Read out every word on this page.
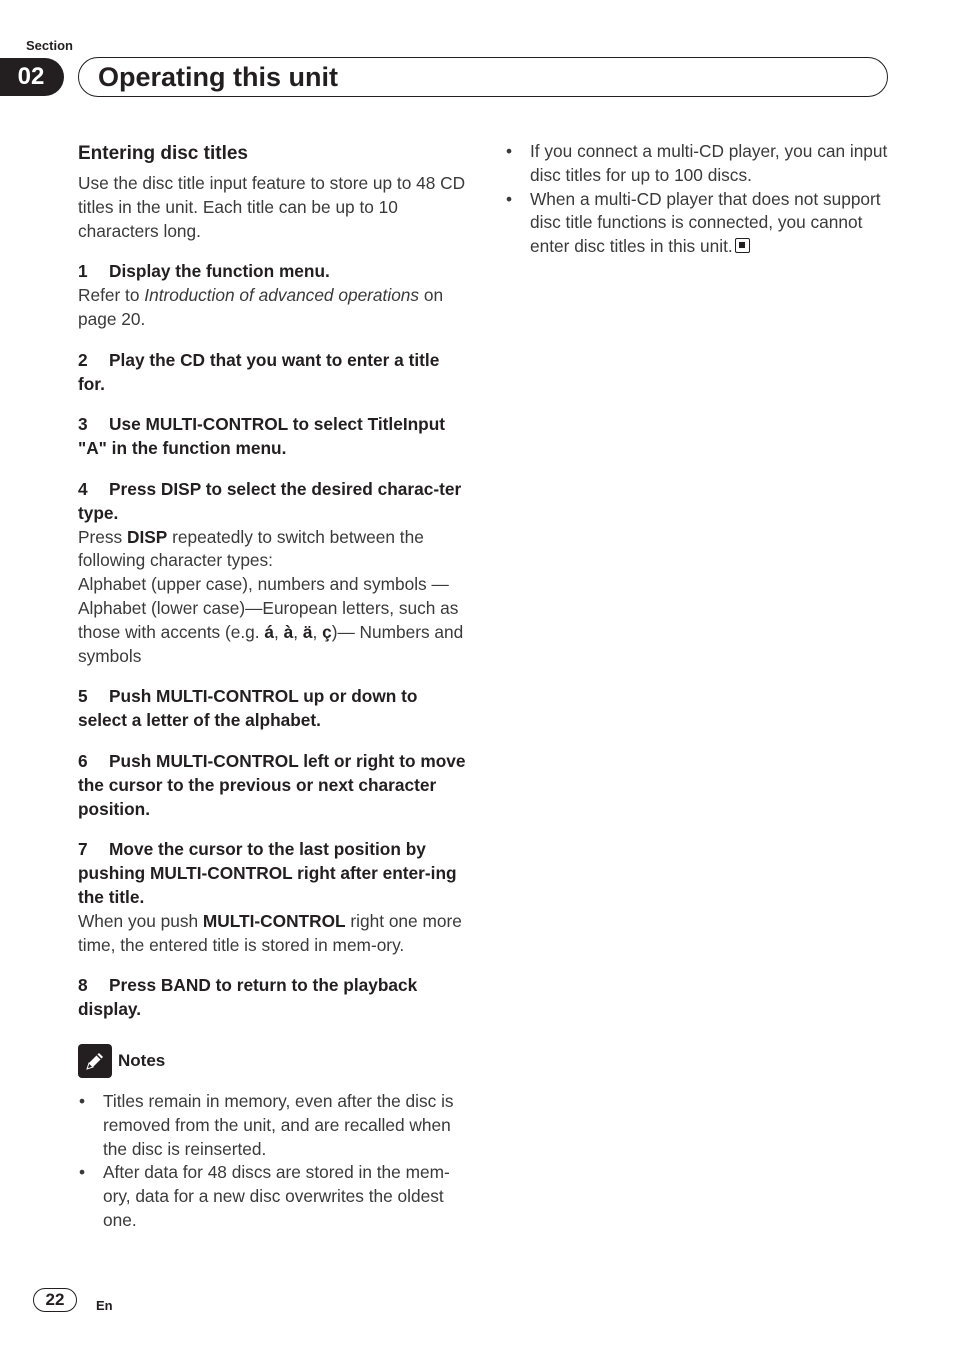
Section
02	Operating this unit
Entering disc titles

Use the disc title input feature to store up to 48 CD titles in the unit. Each title can be up to 10 characters long.

1 Display the function menu.

Refer to Introduction of advanced operations on page 20.

2 Play the CD that you want to enter a title for.
3 Use MULTI-CONTROL to select TitleInput "A" in the function menu.
4 Press DISP to select the desired charac-ter type.

Press DISP repeatedly to switch between the following character types:
Alphabet (upper case), numbers and symbols —Alphabet (lower case)—European letters, such as those with accents (e.g. á, à, ä, ç)— Numbers and symbols

5 Push MULTI-CONTROL up or down to select a letter of the alphabet.
6 Push MULTI-CONTROL left or right to move the cursor to the previous or next character position.
7 Move the cursor to the last position by pushing MULTI-CONTROL right after enter-ing the title.

When you push MULTI-CONTROL right one more time, the entered title is stored in mem-ory.

8 Press BAND to return to the playback display.
Notes
• Titles remain in memory, even after the disc is removed from the unit, and are recalled when the disc is reinserted.
• After data for 48 discs are stored in the mem-ory, data for a new disc overwrites the oldest one.
• If you connect a multi-CD player, you can input disc titles for up to 100 discs.
• When a multi-CD player that does not support disc title functions is connected, you cannot enter disc titles in this unit.
22	En
